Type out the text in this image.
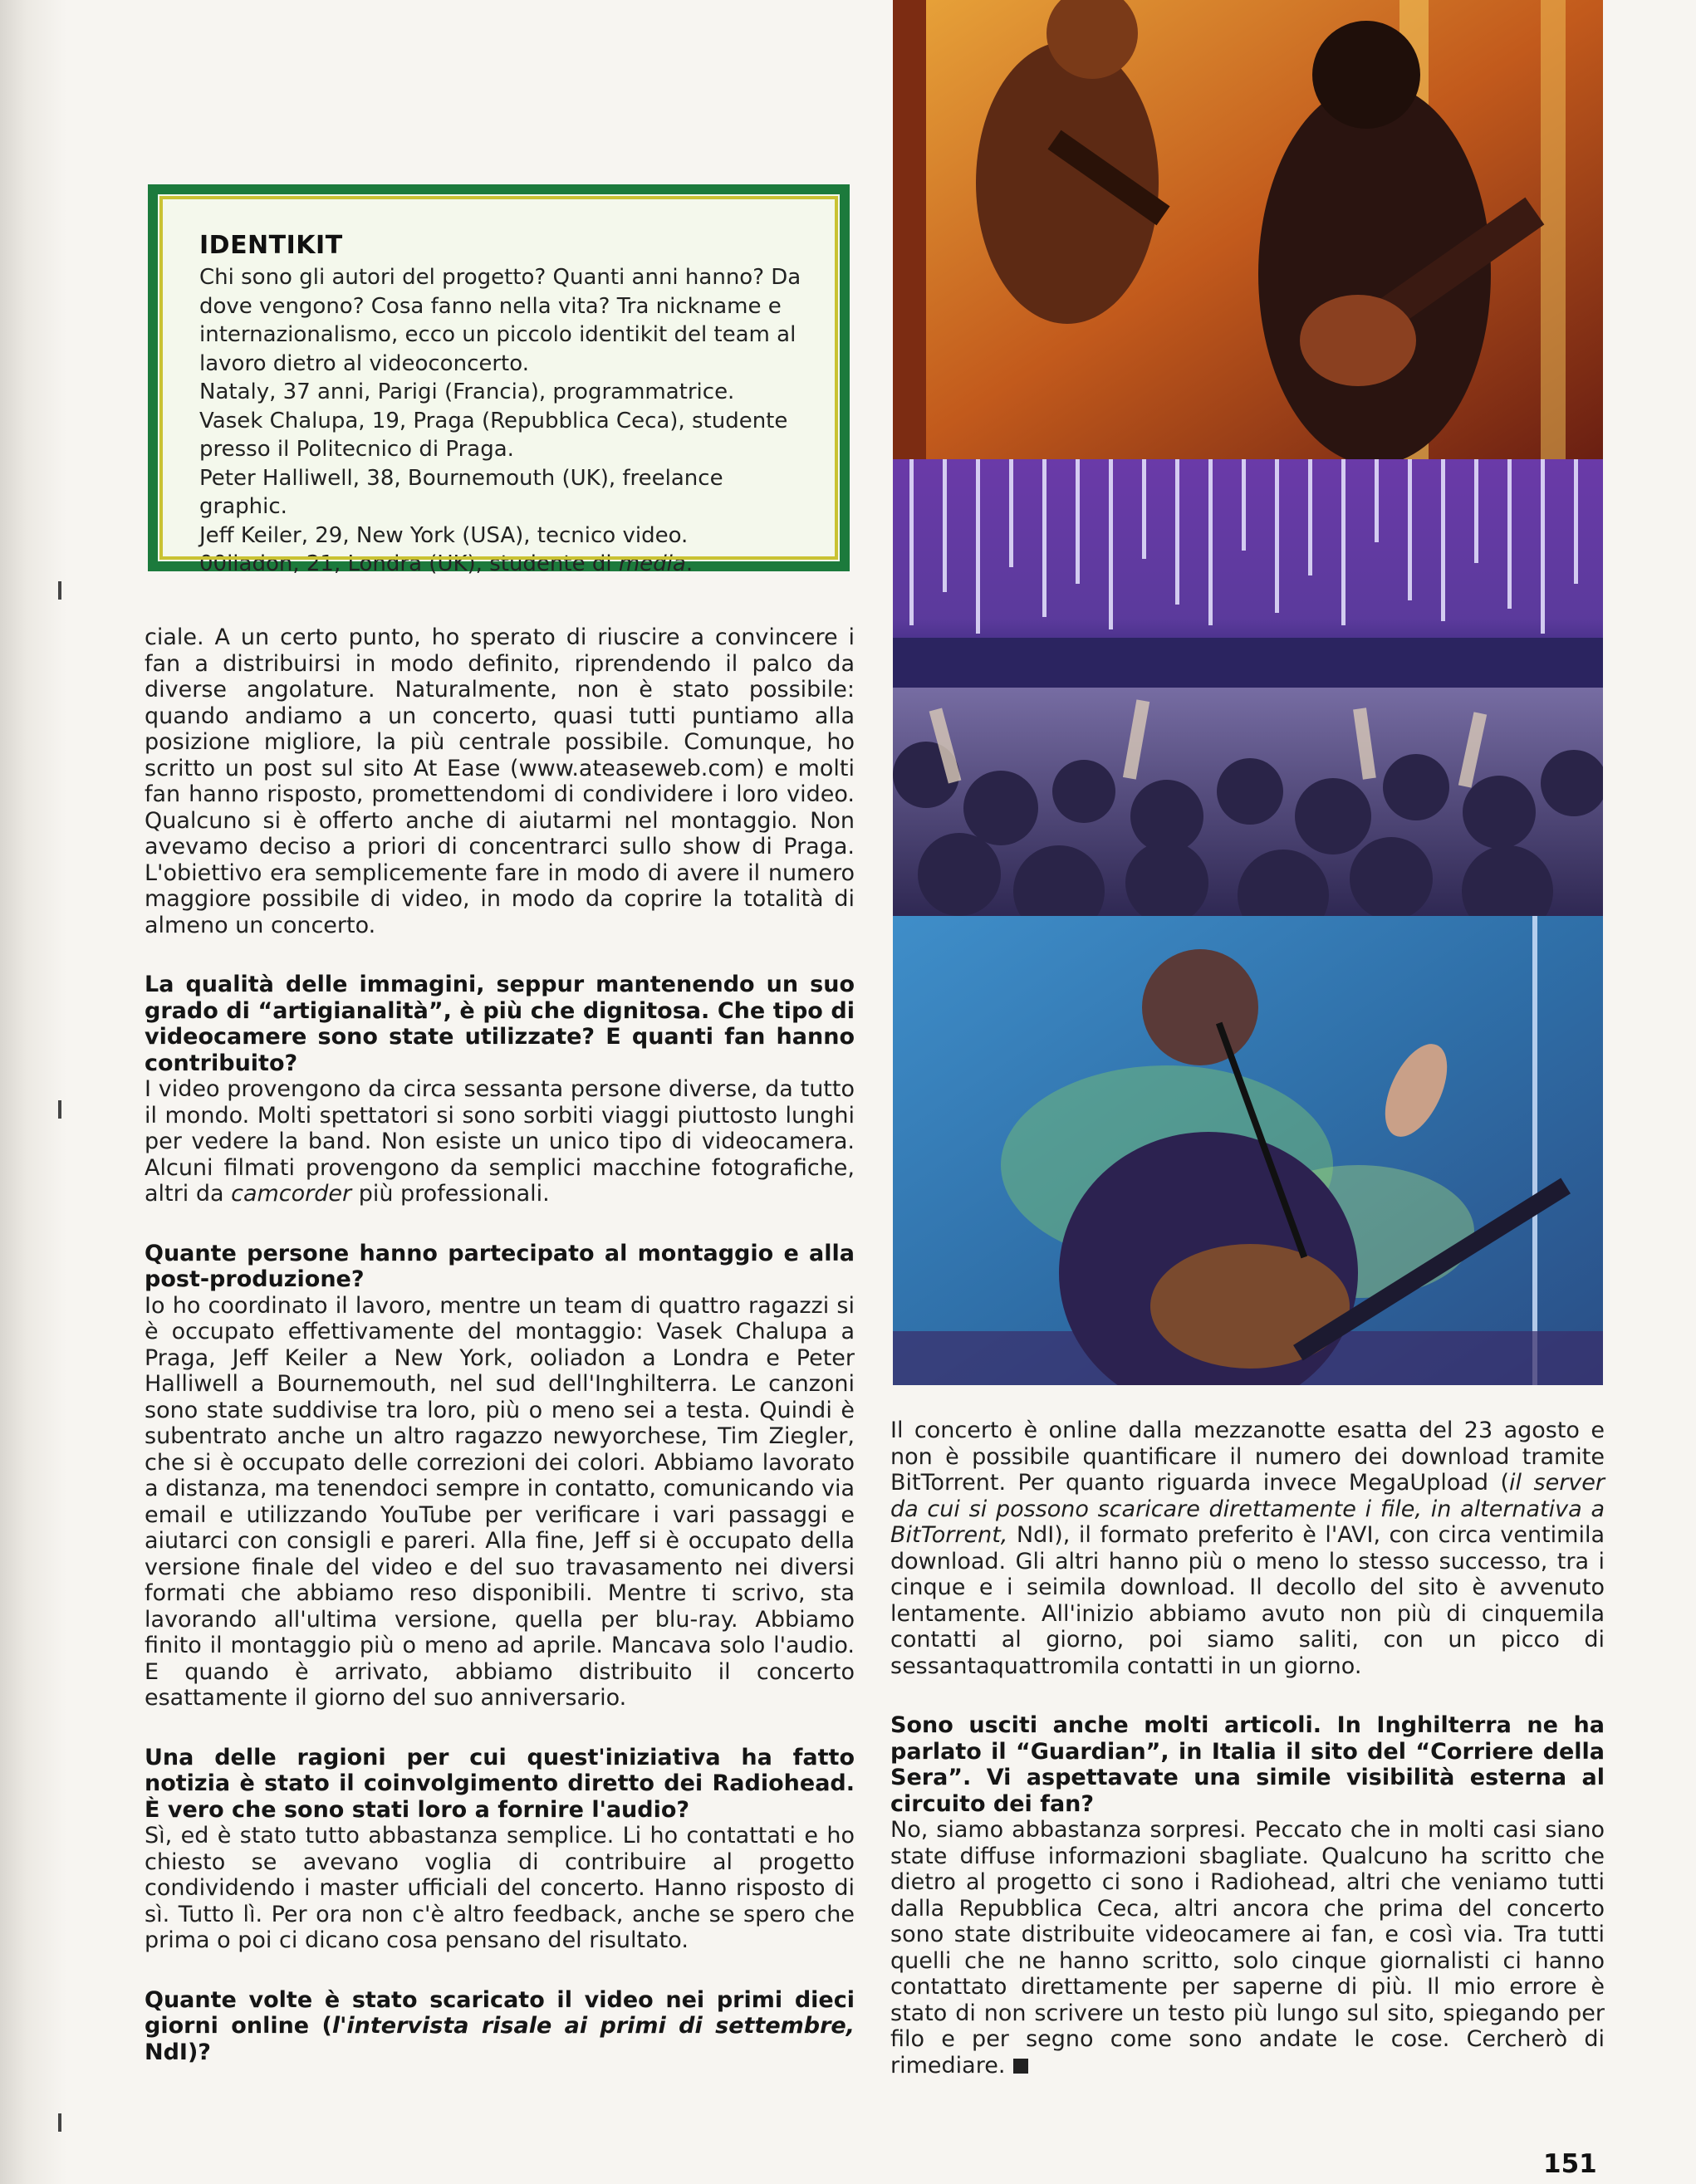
IDENTIKIT

Chi sono gli autori del progetto? Quanti anni hanno? Da dove vengono? Cosa fanno nella vita? Tra nickname e internazionalismo, ecco un piccolo identikit del team al lavoro dietro al videoconcerto.

Nataly, 37 anni, Parigi (Francia), programmatrice.

Vasek Chalupa, 19, Praga (Repubblica Ceca), studente presso il Politecnico di Praga.

Peter Halliwell, 38, Bournemouth (UK), freelance graphic.

Jeff Keiler, 29, New York (USA), tecnico video.

00liadon, 21, Londra (UK), studente di media.

ciale. A un certo punto, ho sperato di riuscire a convincere i fan a distribuirsi in modo definito, riprendendo il palco da diverse angolature. Naturalmente, non è stato possibile: quando andiamo a un concerto, quasi tutti puntiamo alla posizione migliore, la più centrale possibile. Comunque, ho scritto un post sul sito At Ease (www.ateaseweb.com) e molti fan hanno risposto, promettendomi di condividere i loro video. Qualcuno si è offerto anche di aiutarmi nel montaggio. Non avevamo deciso a priori di concentrarci sullo show di Praga. L'obiettivo era semplicemente fare in modo di avere il numero maggiore possibile di video, in modo da coprire la totalità di almeno un concerto.

La qualità delle immagini, seppur mantenendo un suo grado di “artigianalità”, è più che dignitosa. Che tipo di videocamere sono state utilizzate? E quanti fan hanno contribuito?

I video provengono da circa sessanta persone diverse, da tutto il mondo. Molti spettatori si sono sorbiti viaggi piuttosto lunghi per vedere la band. Non esiste un unico tipo di videocamera. Alcuni filmati provengono da semplici macchine fotografiche, altri da camcorder più professionali.

Quante persone hanno partecipato al montaggio e alla post-produzione?

Io ho coordinato il lavoro, mentre un team di quattro ragazzi si è occupato effettivamente del montaggio: Vasek Chalupa a Praga, Jeff Keiler a New York, ooliadon a Londra e Peter Halliwell a Bournemouth, nel sud dell'Inghilterra. Le canzoni sono state suddivise tra loro, più o meno sei a testa. Quindi è subentrato anche un altro ragazzo newyorchese, Tim Ziegler, che si è occupato delle correzioni dei colori. Abbiamo lavorato a distanza, ma tenendoci sempre in contatto, comunicando via email e utilizzando YouTube per verificare i vari passaggi e aiutarci con consigli e pareri. Alla fine, Jeff si è occupato della versione finale del video e del suo travasamento nei diversi formati che abbiamo reso disponibili. Mentre ti scrivo, sta lavorando all'ultima versione, quella per blu-ray. Abbiamo finito il montaggio più o meno ad aprile. Mancava solo l'audio. E quando è arrivato, abbiamo distribuito il concerto esattamente il giorno del suo anniversario.

Una delle ragioni per cui quest'iniziativa ha fatto notizia è stato il coinvolgimento diretto dei Radiohead. È vero che sono stati loro a fornire l'audio?

Sì, ed è stato tutto abbastanza semplice. Li ho contattati e ho chiesto se avevano voglia di contribuire al progetto condividendo i master ufficiali del concerto. Hanno risposto di sì. Tutto lì. Per ora non c'è altro feedback, anche se spero che prima o poi ci dicano cosa pensano del risultato.

Quante volte è stato scaricato il video nei primi dieci giorni online (l'intervista risale ai primi di settembre, NdI)?

Il concerto è online dalla mezzanotte esatta del 23 agosto e non è possibile quantificare il numero dei download tramite BitTorrent. Per quanto riguarda invece MegaUpload (il server da cui si possono scaricare direttamente i file, in alternativa a BitTorrent, NdI), il formato preferito è l'AVI, con circa ventimila download. Gli altri hanno più o meno lo stesso successo, tra i cinque e i seimila download. Il decollo del sito è avvenuto lentamente. All'inizio abbiamo avuto non più di cinquemila contatti al giorno, poi siamo saliti, con un picco di sessantaquattromila contatti in un giorno.

Sono usciti anche molti articoli. In Inghilterra ne ha parlato il “Guardian”, in Italia il sito del “Corriere della Sera”. Vi aspettavate una simile visibilità esterna al circuito dei fan?

No, siamo abbastanza sorpresi. Peccato che in molti casi siano state diffuse informazioni sbagliate. Qualcuno ha scritto che dietro al progetto ci sono i Radiohead, altri che veniamo tutti dalla Repubblica Ceca, altri ancora che prima del concerto sono state distribuite videocamere ai fan, e così via. Tra tutti quelli che ne hanno scritto, solo cinque giornalisti ci hanno contattato direttamente per saperne di più. Il mio errore è stato di non scrivere un testo più lungo sul sito, spiegando per filo e per segno come sono andate le cose. Cercherò di rimediare.

151
